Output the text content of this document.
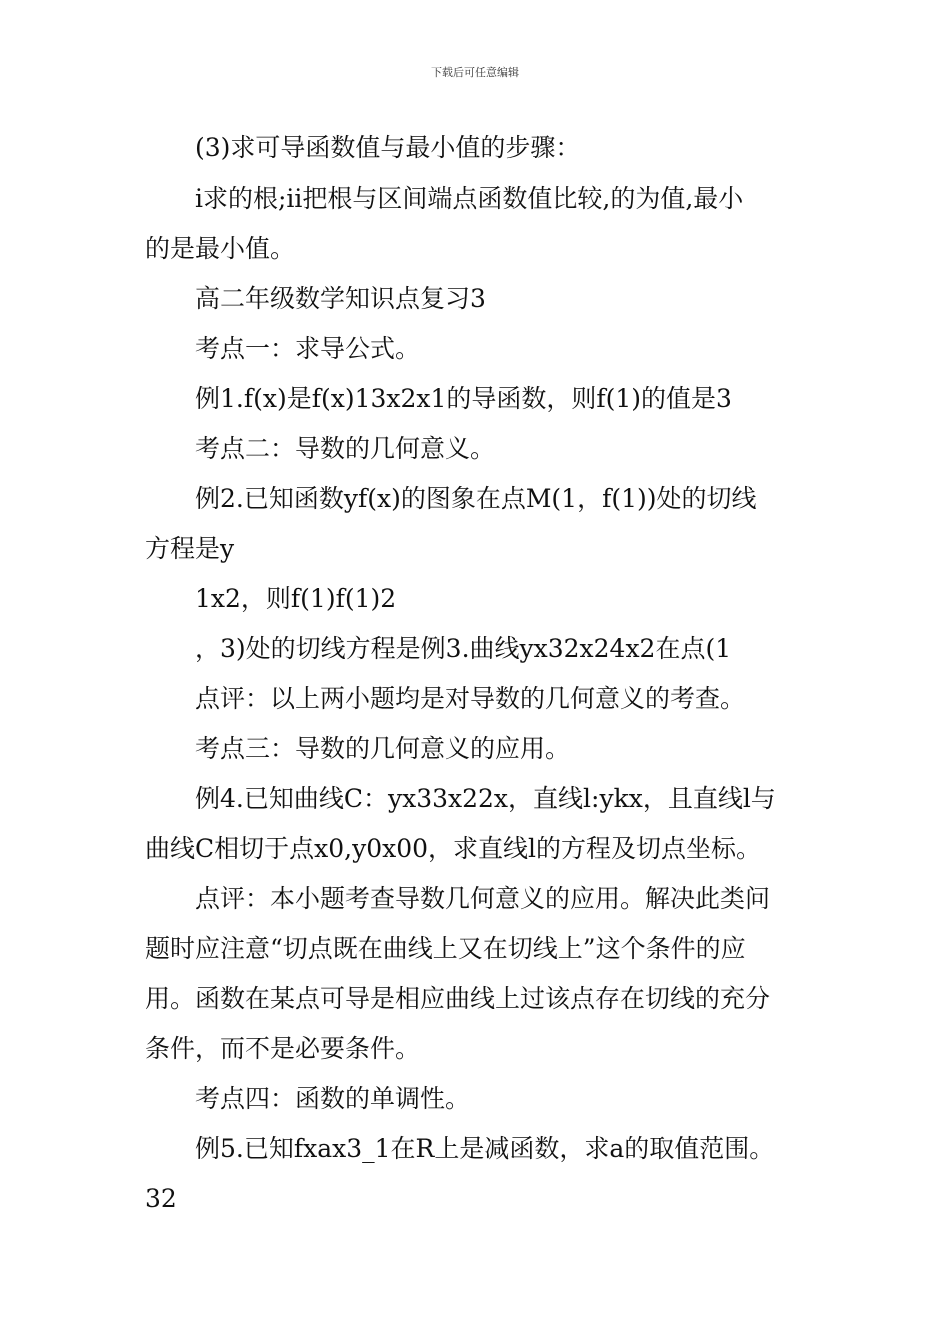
下载后可任意编辑
(3)求可导函数值与最小值的步骤：
ⅰ求的根;ⅱ把根与区间端点函数值比较,的为值,最小
的是最小值。
高二年级数学知识点复习3
考点一：求导公式。
例1.f(x)是f(x)13x2x1的导函数，则f(1)的值是3
考点二：导数的几何意义。
例2.已知函数yf(x)的图象在点M(1，f(1))处的切线
方程是y
1x2，则f(1)f(1)2
，3)处的切线方程是例3.曲线yx32x24x2在点(1
点评：以上两小题均是对导数的几何意义的考查。
考点三：导数的几何意义的应用。
例4.已知曲线C：yx33x22x，直线l:ykx，且直线l与
曲线C相切于点x0,y0x00，求直线l的方程及切点坐标。
点评：本小题考查导数几何意义的应用。解决此类问
题时应注意“切点既在曲线上又在切线上”这个条件的应
用。函数在某点可导是相应曲线上过该点存在切线的充分
条件，而不是必要条件。
考点四：函数的单调性。
例5.已知fxax3_1在R上是减函数，求a的取值范围。
32
